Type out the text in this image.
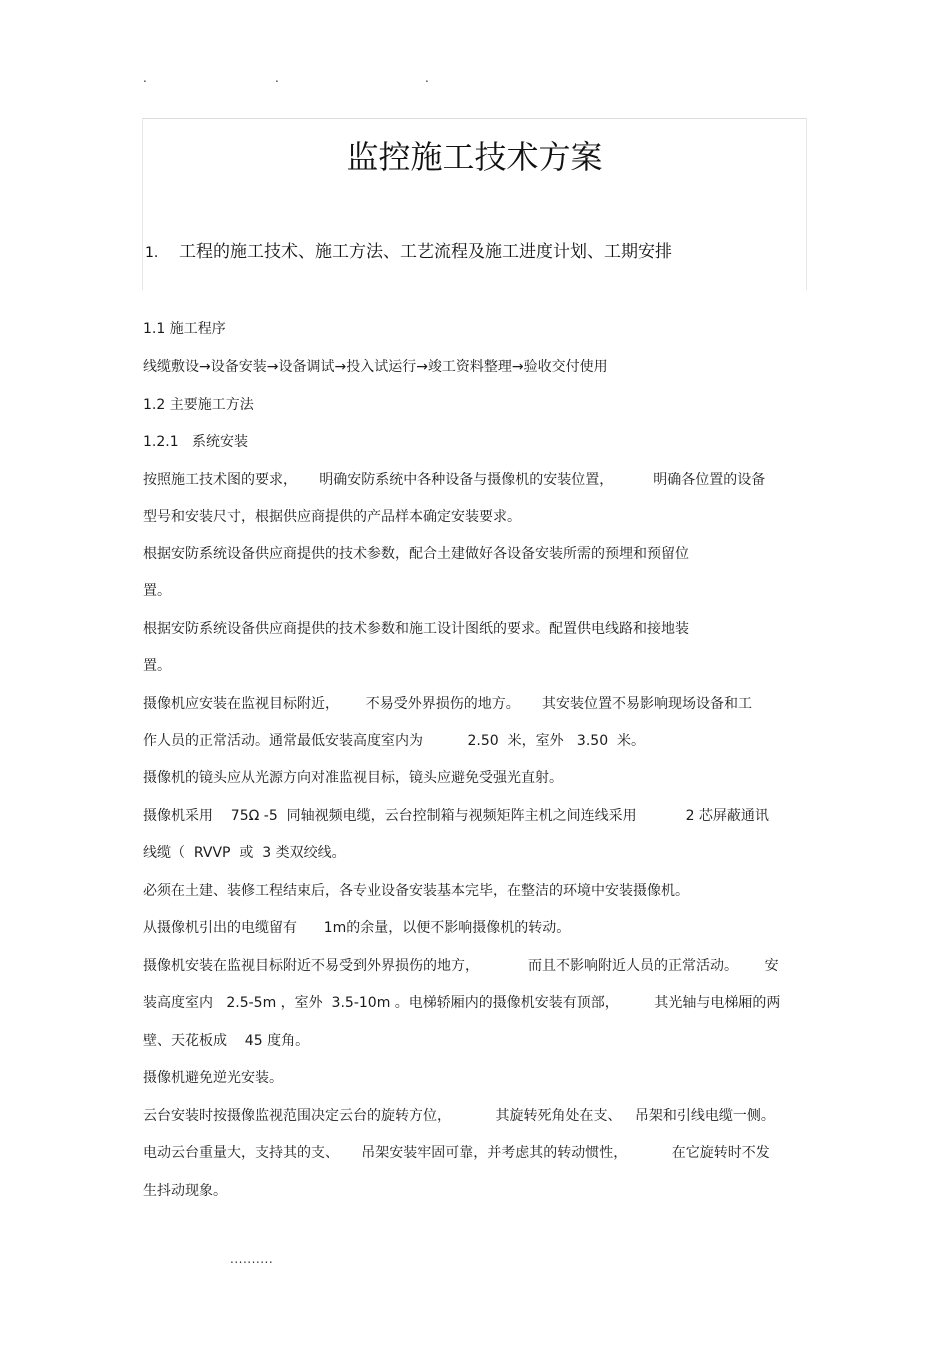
.	.	.
监控施工技术方案
1. 工程的施工技术、施工方法、工艺流程及施工进度计划、工期安排
1.1 施工程序
线缆敷设→设备安装→设备调试→投入试运行→竣工资料整理→验收交付使用
1.2 主要施工方法
1.2.1   系统安装
按照施工技术图的要求，     明确安防系统中各种设备与摄像机的安装位置，         明确各位置的设备
型号和安装尺寸，根据供应商提供的产品样本确定安装要求。
根据安防系统设备供应商提供的技术参数，配合土建做好各设备安装所需的预埋和预留位
置。
根据安防系统设备供应商提供的技术参数和施工设计图纸的要求。配置供电线路和接地装
置。
摄像机应安装在监视目标附近，      不易受外界损伤的地方。     其安装位置不易影响现场设备和工
作人员的正常活动。通常最低安装高度室内为          2.50  米，室外   3.50  米。
摄像机的镜头应从光源方向对准监视目标，镜头应避免受强光直射。
摄像机采用    75Ω -5  同轴视频电缆，云台控制箱与视频矩阵主机之间连线采用           2 芯屏蔽通讯
线缆（  RVVP  或  3 类双绞线。
必须在土建、装修工程结束后，各专业设备安装基本完毕，在整洁的环境中安装摄像机。
从摄像机引出的电缆留有      1m的余量，以便不影响摄像机的转动。
摄像机安装在监视目标附近不易受到外界损伤的地方，           而且不影响附近人员的正常活动。      安
装高度室内   2.5-5m ，室外  3.5-10m 。电梯轿厢内的摄像机安装有顶部，        其光轴与电梯厢的两
壁、天花板成    45 度角。
摄像机避免逆光安装。
云台安装时按摄像监视范围决定云台的旋转方位，          其旋转死角处在支、   吊架和引线电缆一侧。
电动云台重量大，支持其的支、     吊架安装牢固可靠，并考虑其的转动惯性，          在它旋转时不发
生抖动现象。
..........
